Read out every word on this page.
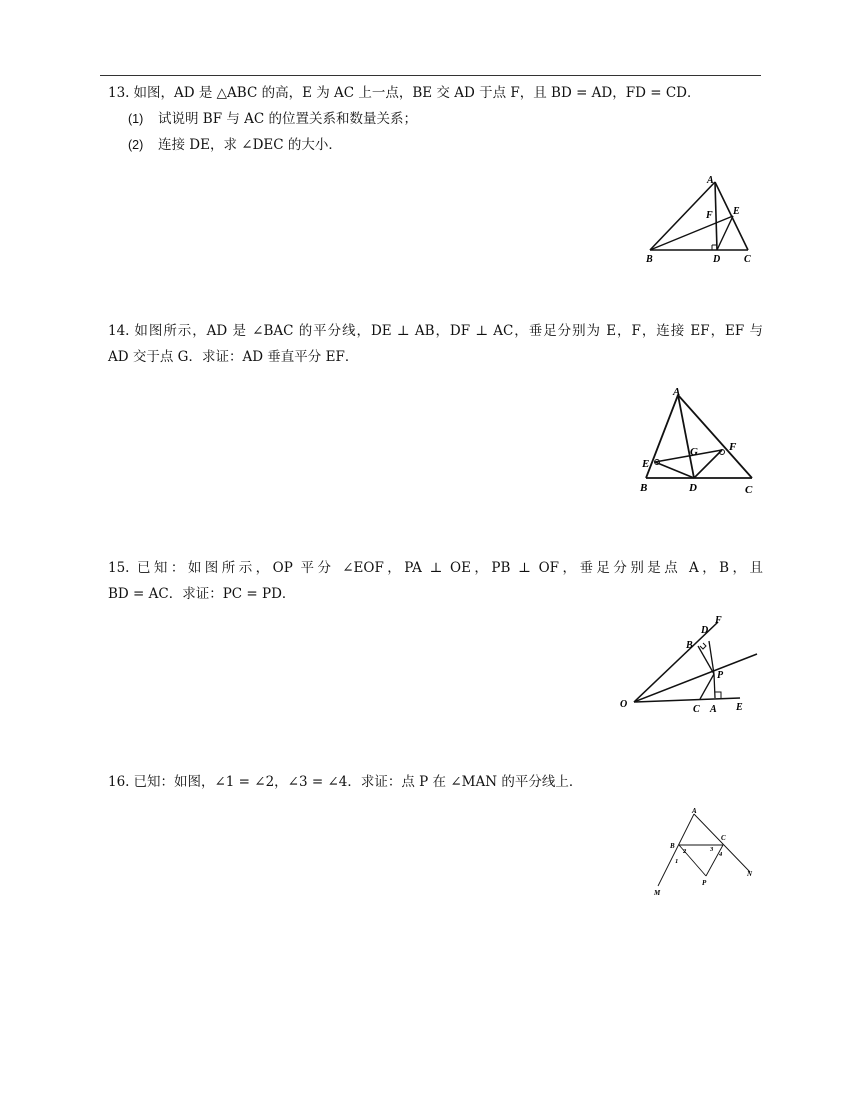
13. 如图，AD 是 △ABC 的高，E 为 AC 上一点，BE 交 AD 于点 F，且 BD = AD，FD = CD．
(1) 试说明 BF 与 AC 的位置关系和数量关系；
(2) 连接 DE，求 ∠DEC 的大小．
A
F E
B	D C
14. 如图所示，AD 是 ∠BAC 的平分线，DE ⊥ AB，DF ⊥ AC，垂足分别为 E，F，连接 EF，EF 与
AD 交于点 G．求证：AD 垂直平分 EF．
A
G	F
E
B	D	C
15. 已知：如图所示，OP 平分 ∠EOF，PA ⊥ OE，PB ⊥ OF，垂足分别是点 A，B，且
BD = AC．求证：PC = PD．
F
D
B
P
O	C A E
16. 已知：如图，∠1 = ∠2，∠3 = ∠4．求证：点 P 在 ∠MAN 的平分线上．
A
B
2
1
C
3
4
N
M
P
